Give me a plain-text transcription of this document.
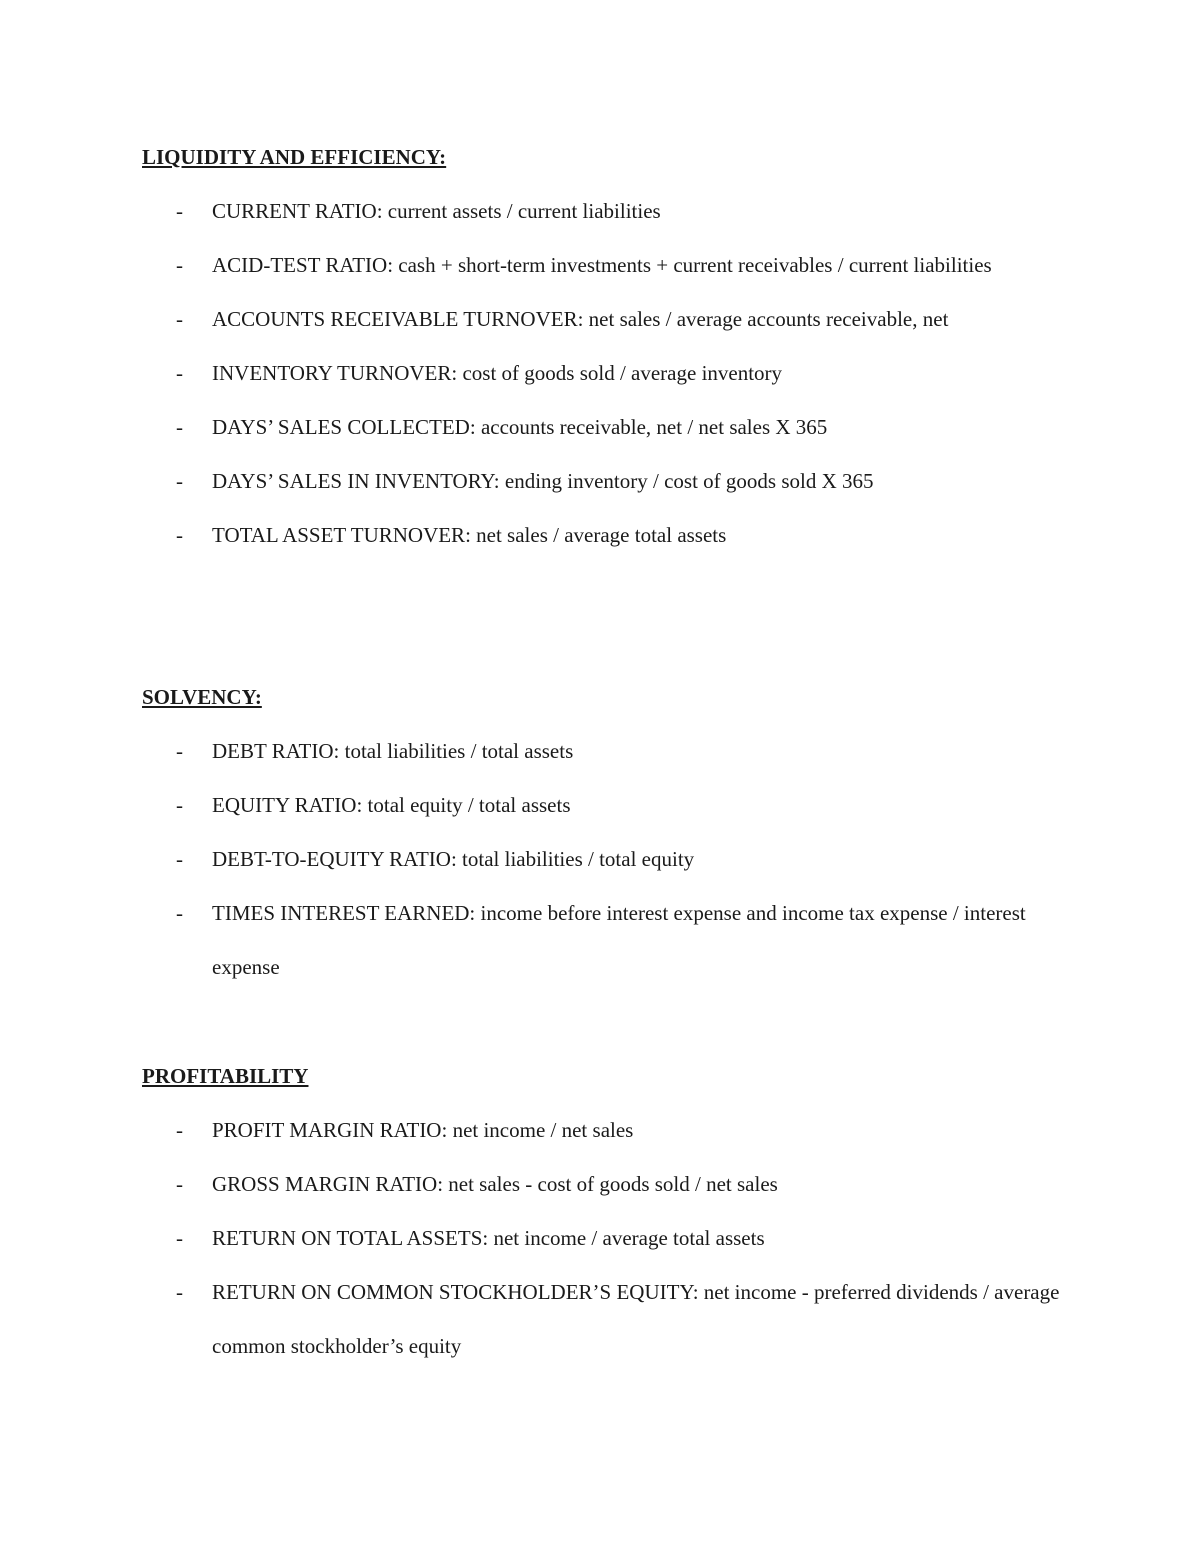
LIQUIDITY AND EFFICIENCY:
- CURRENT RATIO: current assets / current liabilities
- ACID-TEST RATIO: cash + short-term investments + current receivables / current liabilities
- ACCOUNTS RECEIVABLE TURNOVER: net sales / average accounts receivable, net
- INVENTORY TURNOVER: cost of goods sold / average inventory
- DAYS’ SALES COLLECTED: accounts receivable, net / net sales X 365
- DAYS’ SALES IN INVENTORY: ending inventory / cost of goods sold X 365
- TOTAL ASSET TURNOVER: net sales / average total assets
SOLVENCY:
- DEBT RATIO: total liabilities / total assets
- EQUITY RATIO: total equity / total assets
- DEBT-TO-EQUITY RATIO: total liabilities / total equity
- TIMES INTEREST EARNED: income before interest expense and income tax expense / interest expense
PROFITABILITY
- PROFIT MARGIN RATIO: net income / net sales
- GROSS MARGIN RATIO: net sales - cost of goods sold / net sales
- RETURN ON TOTAL ASSETS: net income / average total assets
- RETURN ON COMMON STOCKHOLDER’S EQUITY: net income - preferred dividends / average common stockholder’s equity
